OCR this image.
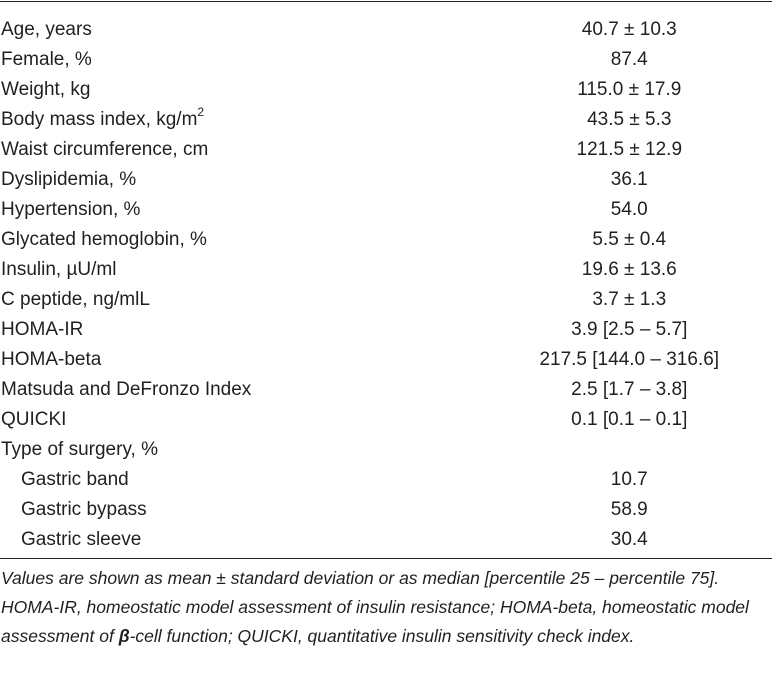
Age, years	40.7 ± 10.3
Female, %	87.4
Weight, kg	115.0 ± 17.9
Body mass index, $kg/m^2$	43.5 ± 5.3
Waist circumference, cm	121.5 ± 12.9
Dyslipidemia, %	36.1
Hypertension, %	54.0
Glycated hemoglobin, %	5.5 ± 0.4
Insulin, µU/ml	19.6 ± 13.6
C peptide, ng/mlL	3.7 ± 1.3
HOMA-IR	3.9 [2.5 – 5.7]
HOMA-beta	217.5 [144.0 – 316.6]
Matsuda and DeFronzo Index	2.5 [1.7 – 3.8]
QUICKI	0.1 [0.1 – 0.1]
Type of surgery, %	
Gastric band	10.7
Gastric bypass	58.9
Gastric sleeve	30.4

Values are shown as mean ± standard deviation or as median [percentile 25 – percentile 75]. HOMA-IR, homeostatic model assessment of insulin resistance; HOMA-beta, homeostatic model assessment of β-cell function; QUICKI, quantitative insulin sensitivity check index.
